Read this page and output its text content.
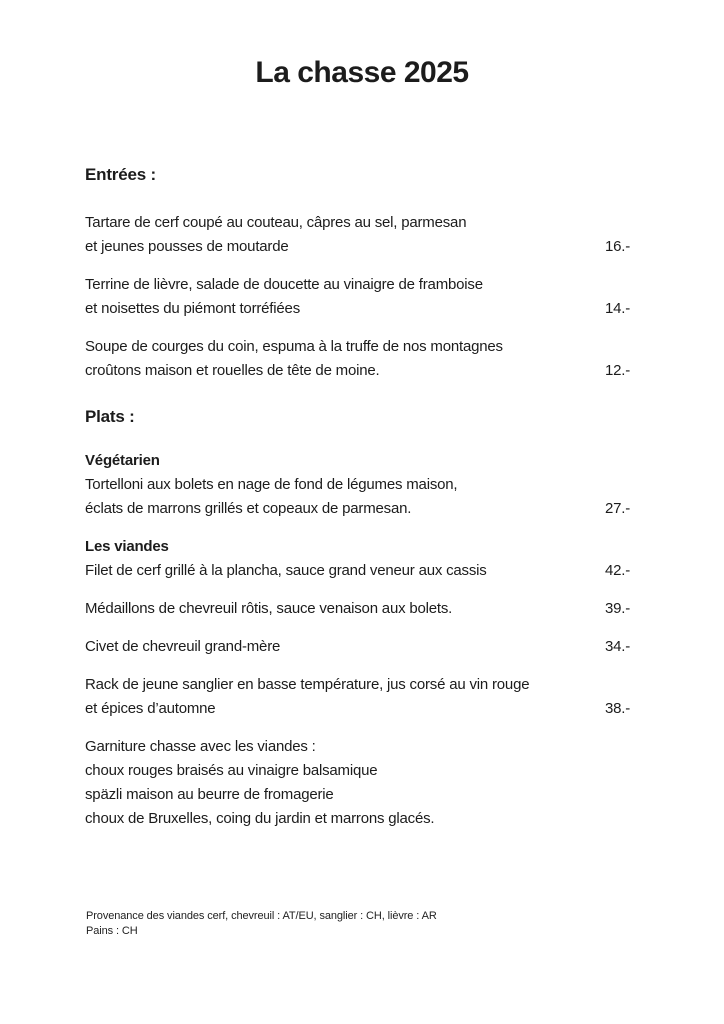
La chasse 2025
Entrées :
Tartare de cerf coupé au couteau, câpres au sel, parmesan
et jeunes pousses de moutarde	16.-
Terrine de lièvre, salade de doucette au vinaigre de framboise
et noisettes du piémont torréfiées	14.-
Soupe de courges du coin, espuma à la truffe de nos montagnes
croûtons maison et rouelles de tête de moine.	12.-
Plats :
Végétarien
Tortelloni aux bolets en nage de fond de légumes maison,
éclats de marrons grillés et copeaux de parmesan.	27.-
Les viandes
Filet de cerf grillé à la plancha, sauce grand veneur aux cassis	42.-
Médaillons de chevreuil rôtis, sauce venaison aux bolets.	39.-
Civet de chevreuil grand-mère	34.-
Rack de jeune sanglier en basse température, jus corsé au vin rouge
et épices d’automne	38.-
Garniture chasse avec les viandes :
choux rouges braisés au vinaigre balsamique
späzli maison au beurre de fromagerie
choux de Bruxelles, coing du jardin et marrons glacés.
Provenance des viandes cerf, chevreuil : AT/EU, sanglier : CH, lièvre : AR
Pains : CH
